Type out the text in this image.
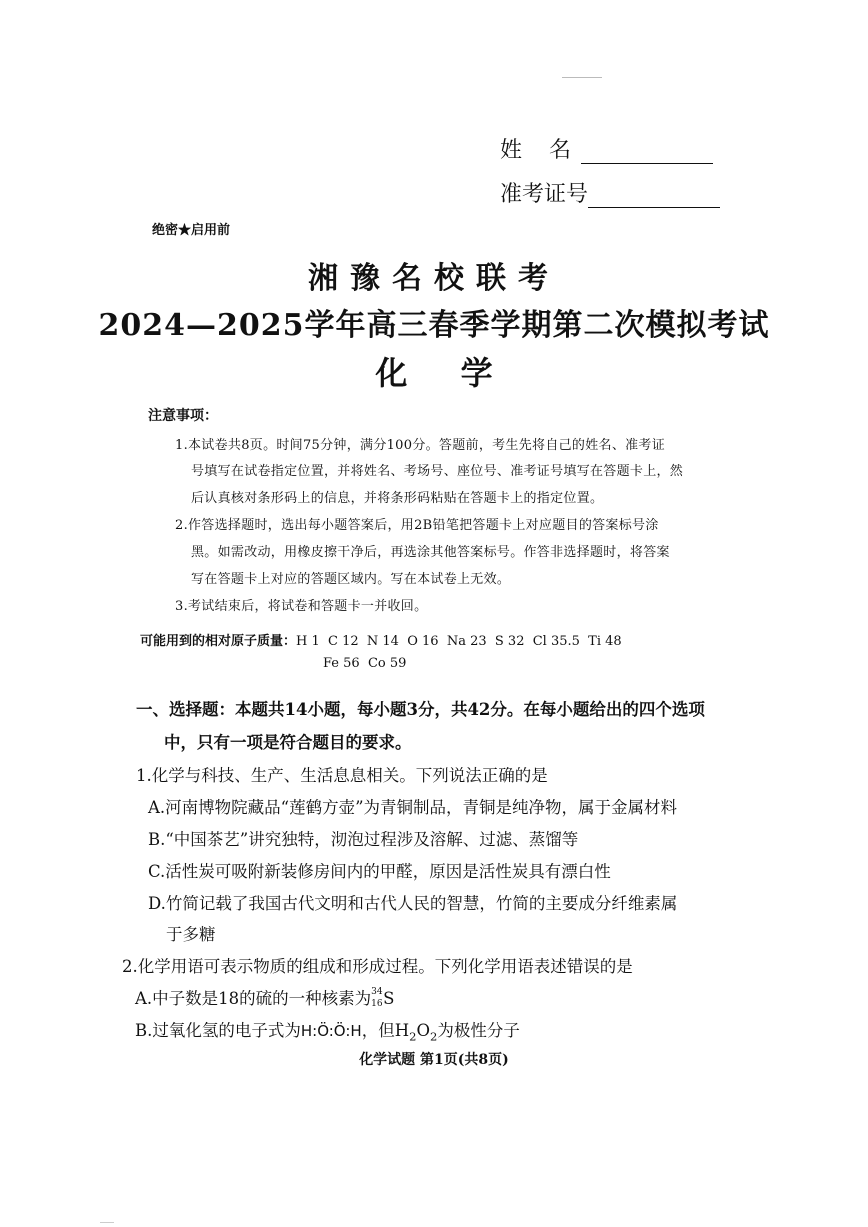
姓 名
准考证号
绝密★启用前
湘豫名校联考
2024—2025学年高三春季学期第二次模拟考试
化 学
注意事项：
1.本试卷共8页。时间75分钟，满分100分。答题前，考生先将自己的姓名、准考证
号填写在试卷指定位置，并将姓名、考场号、座位号、准考证号填写在答题卡上，然
后认真核对条形码上的信息，并将条形码粘贴在答题卡上的指定位置。
2.作答选择题时，选出每小题答案后，用2B铅笔把答题卡上对应题目的答案标号涂
黑。如需改动，用橡皮擦干净后，再选涂其他答案标号。作答非选择题时，将答案
写在答题卡上对应的答题区域内。写在本试卷上无效。
3.考试结束后，将试卷和答题卡一并收回。
可能用到的相对原子质量：H 1  C 12  N 14  O 16  Na 23  S 32  Cl 35.5  Ti 48
Fe 56  Co 59
一、选择题：本题共14小题，每小题3分，共42分。在每小题给出的四个选项
中，只有一项是符合题目的要求。
1.化学与科技、生产、生活息息相关。下列说法正确的是
A.河南博物院藏品“莲鹤方壶”为青铜制品，青铜是纯净物，属于金属材料
B.“中国茶艺”讲究独特，沏泡过程涉及溶解、过滤、蒸馏等
C.活性炭可吸附新装修房间内的甲醛，原因是活性炭具有漂白性
D.竹简记载了我国古代文明和古代人民的智慧，竹简的主要成分纤维素属
于多糖
2.化学用语可表示物质的组成和形成过程。下列化学用语表述错误的是
A.中子数是18的硫的一种核素为 34
16 S
B.过氧化氢的电子式为H:Ö:Ö:H，但$H_2O_2$为极性分子
化学试题 第1页(共8页)
